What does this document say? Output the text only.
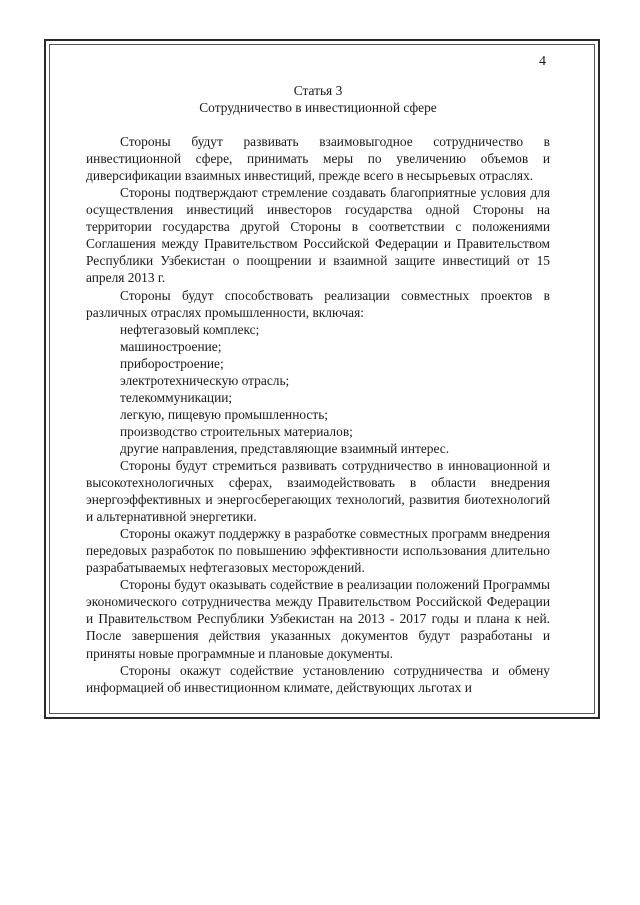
4

Статья 3

Сотрудничество в инвестиционной сфере

Стороны будут развивать взаимовыгодное сотрудничество в инвестиционной сфере, принимать меры по увеличению объемов и диверсификации взаимных инвестиций, прежде всего в несырьевых отраслях.

Стороны подтверждают стремление создавать благоприятные условия для осуществления инвестиций инвесторов государства одной Стороны на территории государства другой Стороны в соответствии с положениями Соглашения между Правительством Российской Федерации и Правительством Республики Узбекистан о поощрении и взаимной защите инвестиций от 15 апреля 2013 г.

Стороны будут способствовать реализации совместных проектов в различных отраслях промышленности, включая:

нефтегазовый комплекс;

машиностроение;

приборостроение;

электротехническую отрасль;

телекоммуникации;

легкую, пищевую промышленность;

производство строительных материалов;

другие направления, представляющие взаимный интерес.

Стороны будут стремиться развивать сотрудничество в инновационной и высокотехнологичных сферах, взаимодействовать в области внедрения энергоэффективных и энергосберегающих технологий, развития биотехнологий и альтернативной энергетики.

Стороны окажут поддержку в разработке совместных программ внедрения передовых разработок по повышению эффективности использования длительно разрабатываемых нефтегазовых месторождений.

Стороны будут оказывать содействие в реализации положений Программы экономического сотрудничества между Правительством Российской Федерации и Правительством Республики Узбекистан на 2013 - 2017 годы и плана к ней. После завершения действия указанных документов будут разработаны и приняты новые программные и плановые документы.

Стороны окажут содействие установлению сотрудничества и обмену информацией об инвестиционном климате, действующих льготах и
